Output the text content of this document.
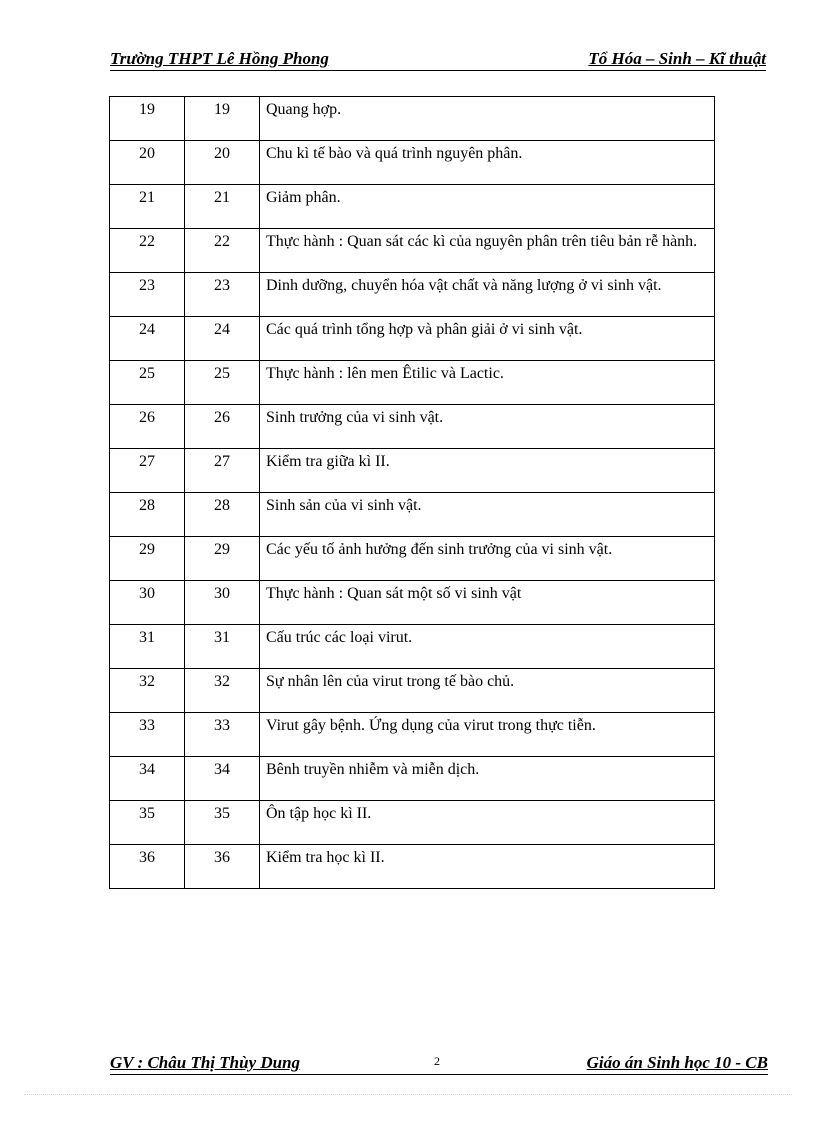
Trường THPT Lê Hồng Phong	Tổ Hóa – Sinh – Kĩ thuật
19	19	Quang hợp.
20	20	Chu kì tế bào và quá trình nguyên phân.
21	21	Giảm phân.
22	22	Thực hành : Quan sát các kì của nguyên phân trên tiêu bản rễ hành.
23	23	Dinh dưỡng, chuyển hóa vật chất và năng lượng ở vi sinh vật.
24	24	Các quá trình tổng hợp và phân giải ở vi sinh vật.
25	25	Thực hành : lên men Êtilic và Lactic.
26	26	Sinh trưởng của vi sinh vật.
27	27	Kiểm tra giữa kì II.
28	28	Sinh sản của vi sinh vật.
29	29	Các yếu tố ảnh hưởng đến sinh trưởng của vi sinh vật.
30	30	Thực hành : Quan sát một số vi sinh vật
31	31	Cấu trúc các loại virut.
32	32	Sự nhân lên của virut trong tế bào chủ.
33	33	Virut gây bệnh. Ứng dụng của virut trong thực tiễn.
34	34	Bênh truyền nhiễm và miễn dịch.
35	35	Ôn tập học kì II.
36	36	Kiểm tra học kì II.
GV : Châu Thị Thùy Dung	2	Giáo án Sinh học 10 - CB
